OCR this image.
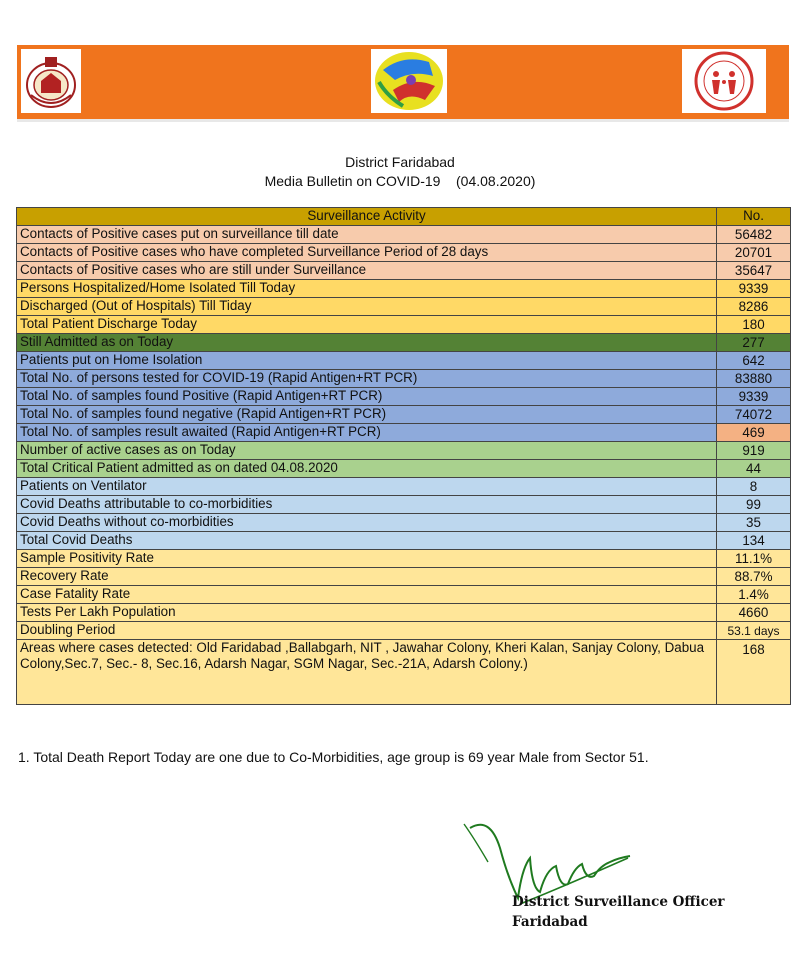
District Faridabad
Media Bulletin on COVID-19    (04.08.2020)
Surveillance Activity	No.
Contacts of Positive cases put on surveillance till date	56482
Contacts of Positive cases who have completed Surveillance Period of 28 days	20701
Contacts of Positive cases who are still under Surveillance	35647
Persons Hospitalized/Home Isolated Till Today	9339
Discharged (Out of Hospitals) Till Tiday	8286
Total Patient Discharge Today	180
Still Admitted as on Today	277
Patients put on Home Isolation	642
Total No. of persons tested for COVID-19 (Rapid Antigen+RT PCR)	83880
Total No. of samples found Positive (Rapid Antigen+RT PCR)	9339
Total No. of samples found negative (Rapid Antigen+RT PCR)	74072
Total No. of samples result awaited (Rapid Antigen+RT PCR)	469
Number of active cases as on Today	919
Total Critical Patient admitted as on dated 04.08.2020	44
Patients on Ventilator	8
Covid Deaths attributable to co-morbidities	99
Covid Deaths without co-morbidities	35
Total Covid Deaths	134
Sample Positivity Rate	11.1%
Recovery Rate	88.7%
Case Fatality Rate	1.4%
Tests Per Lakh Population	4660
Doubling Period	53.1 days
Areas where cases detected: Old Faridabad ,Ballabgarh, NIT , Jawahar Colony, Kheri Kalan, Sanjay Colony, Dabua Colony,Sec.7, Sec.- 8, Sec.16, Adarsh Nagar, SGM Nagar, Sec.-21A, Adarsh Colony.)	168
1. Total Death Report Today are one due to Co-Morbidities, age group is 69 year Male from Sector 51.
District Surveillance Officer
Faridabad
